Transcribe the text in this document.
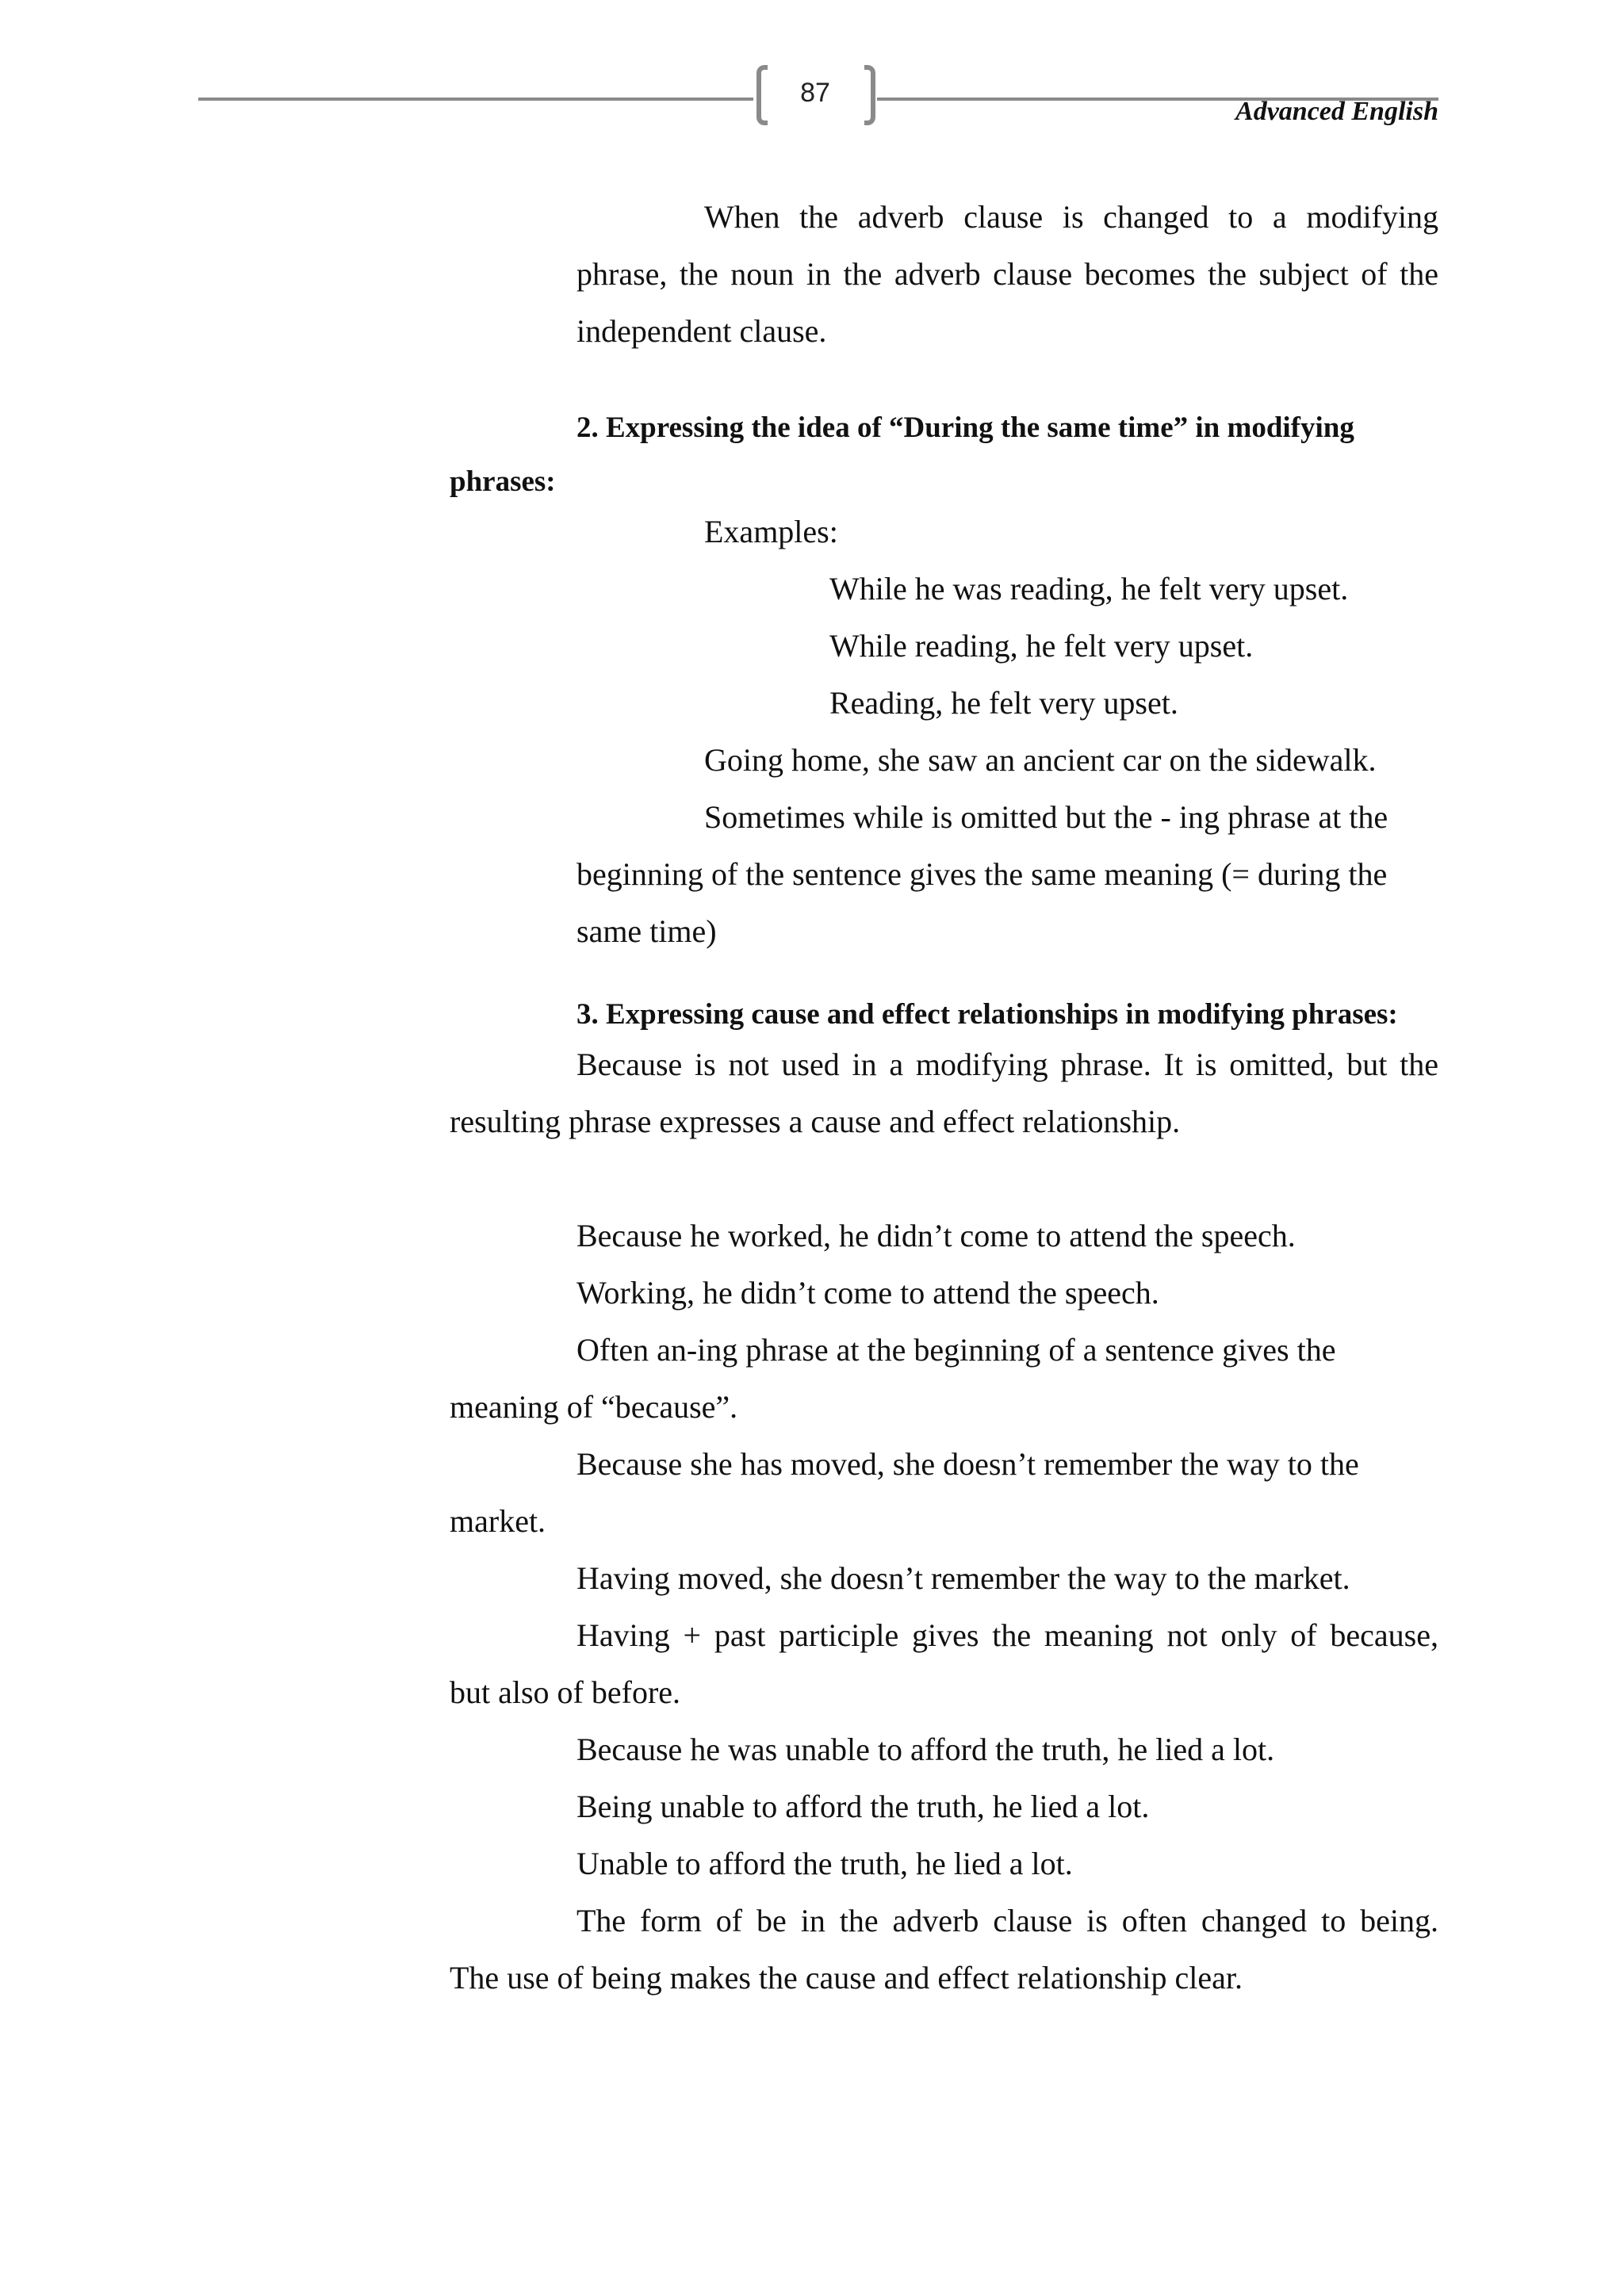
87
Advanced English
When the adverb clause is changed to a modifying
phrase, the noun in the adverb clause becomes the subject of the
independent clause.
2. Expressing the idea of “During the same time” in modifying
phrases:
Examples:
While he was reading, he felt very upset.
While reading, he felt very upset.
Reading, he felt very upset.
Going home, she saw an ancient car on the sidewalk.
Sometimes while is omitted but the - ing phrase at the
beginning of the sentence gives the same meaning (= during the
same time)
3. Expressing cause and effect relationships in modifying phrases:
Because is not used in a modifying phrase. It is omitted, but the
resulting phrase expresses a cause and effect relationship.
Because he worked, he didn’t come to attend the speech.
Working, he didn’t come to attend the speech.
Often an-ing phrase at the beginning of a sentence gives the
meaning of “because”.
Because she has moved, she doesn’t remember the way to the
market.
Having moved, she doesn’t remember the way to the market.
Having + past participle gives the meaning not only of because,
but also of before.
Because he was unable to afford the truth, he lied a lot.
Being unable to afford the truth, he lied a lot.
Unable to afford the truth, he lied a lot.
The form of be in the adverb clause is often changed to being.
The use of being makes the cause and effect relationship clear.
